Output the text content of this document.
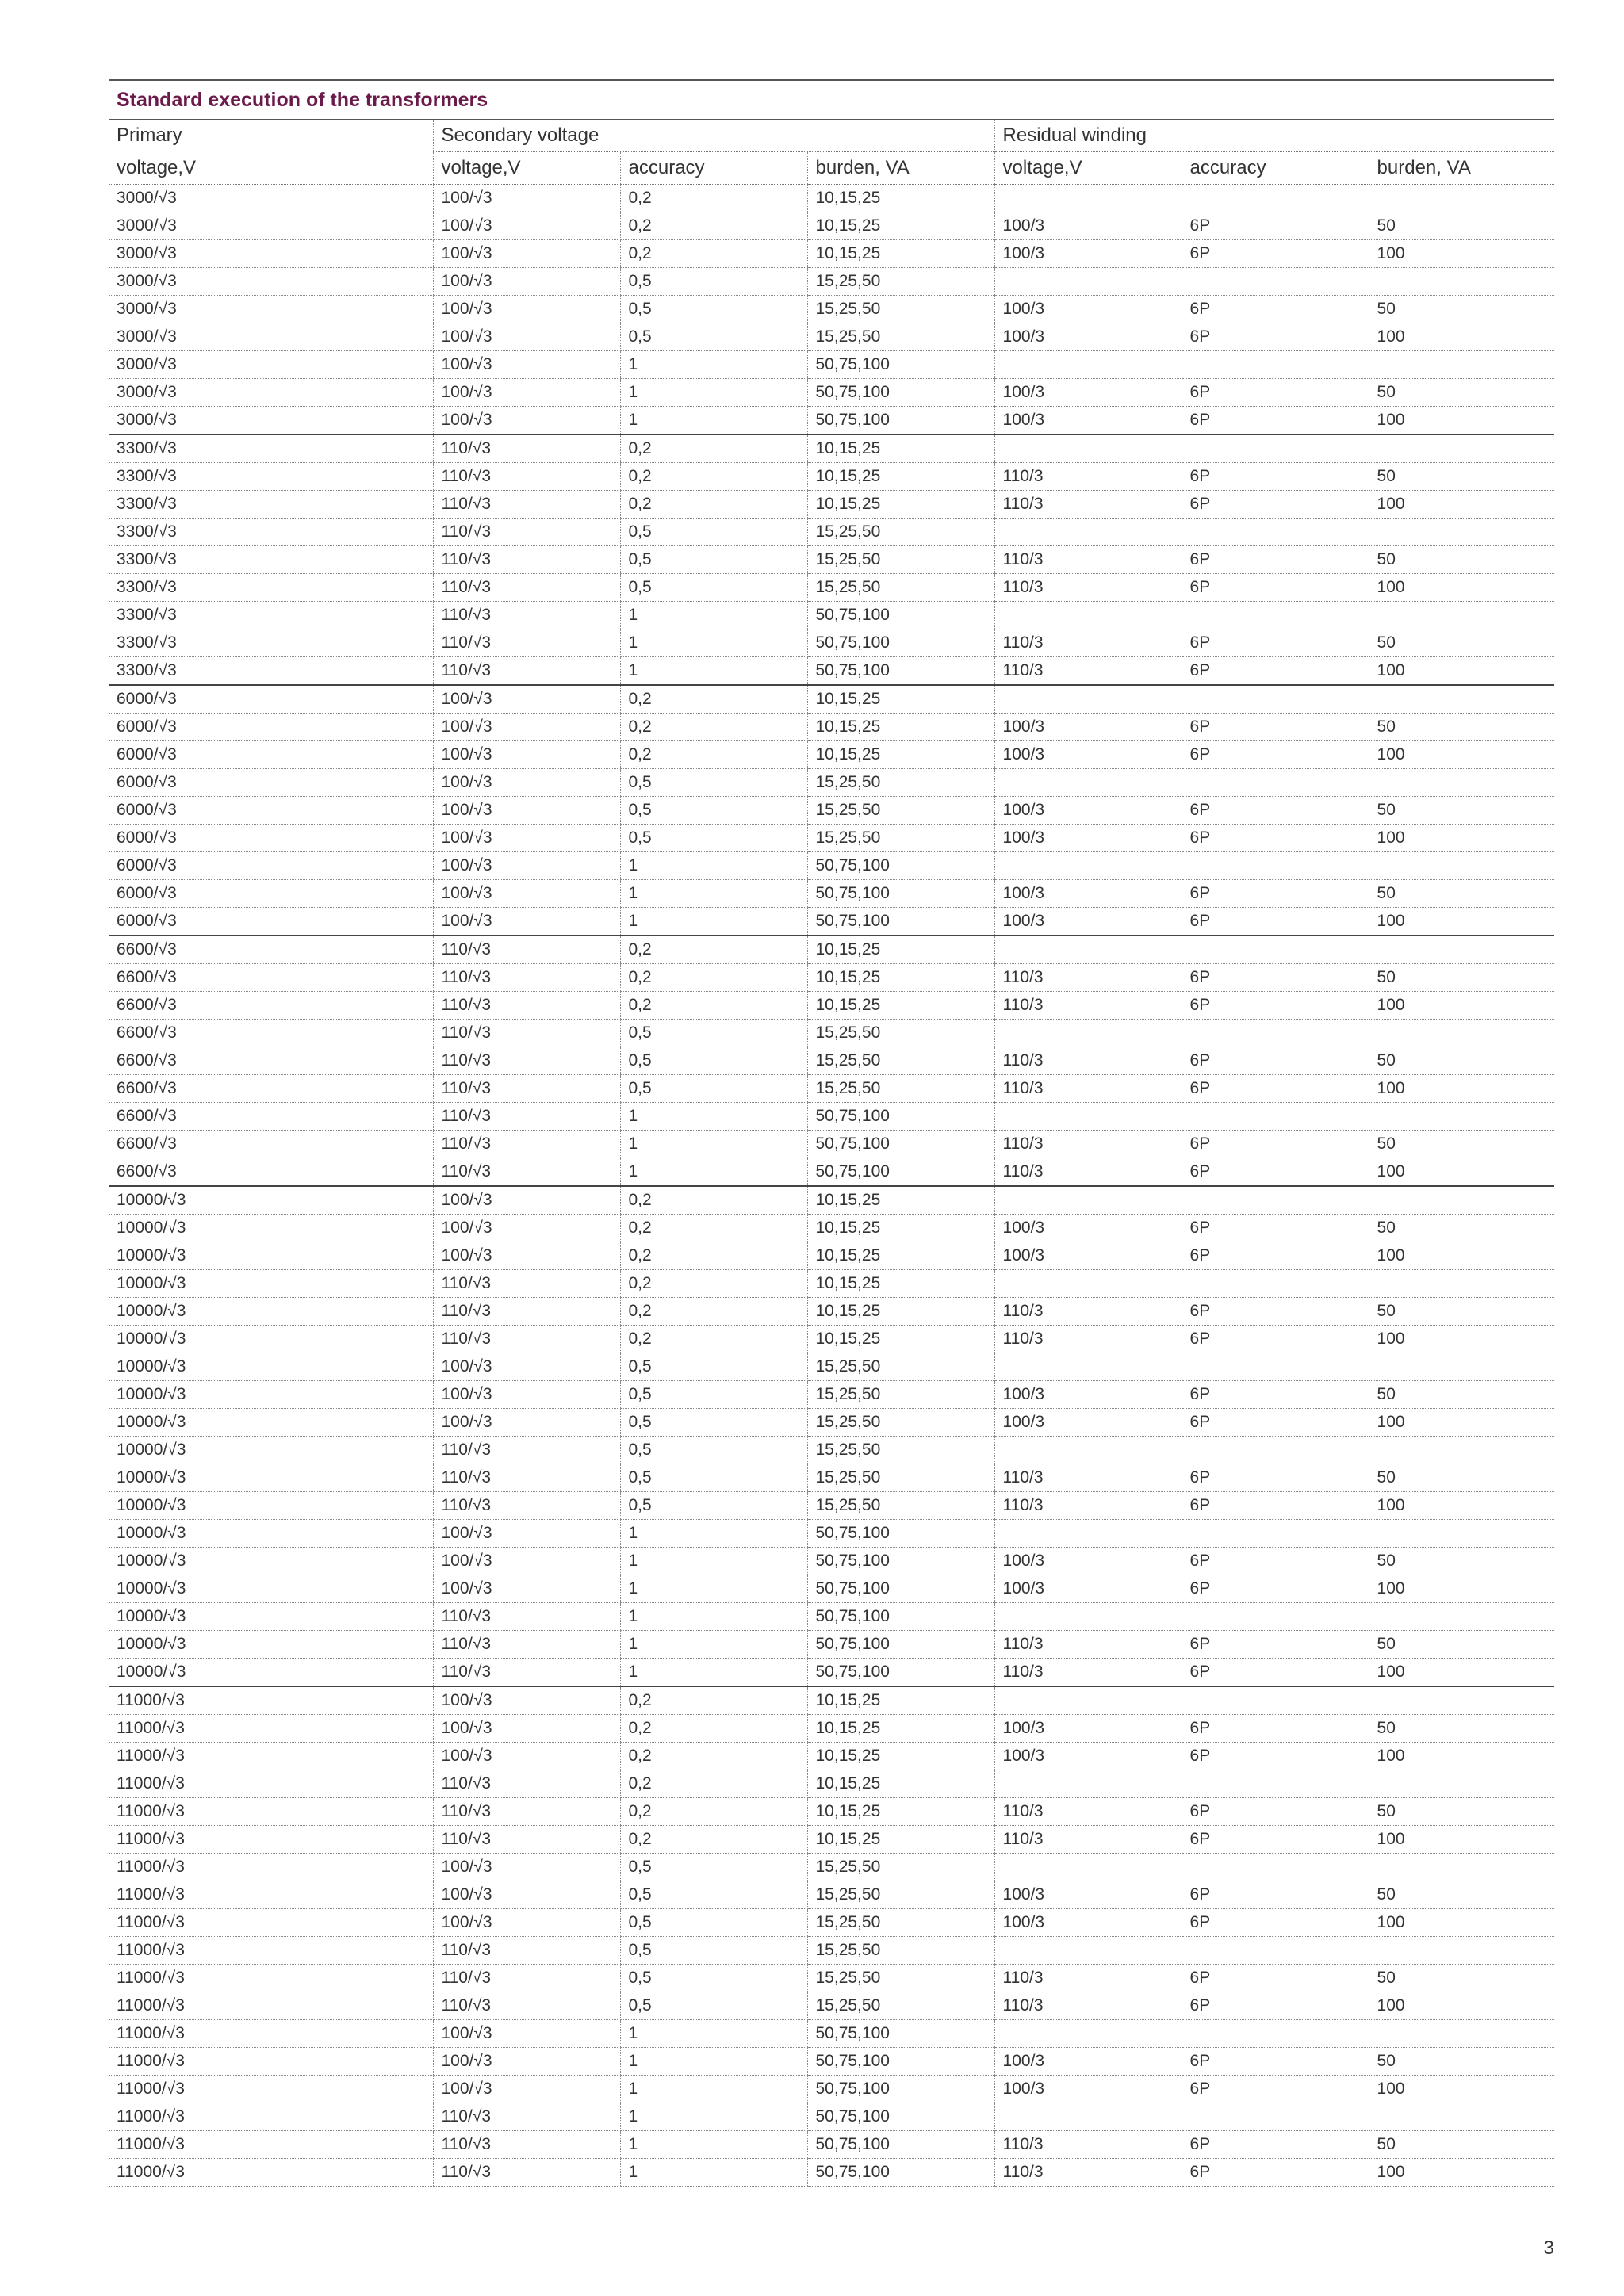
Standard execution of the transformers
Primary	Secondary voltage			Residual winding		
voltage,V	voltage,V	accuracy	burden, VA	voltage,V	accuracy	burden, VA
3000/√3	100/√3	0,2	10,15,25			
3000/√3	100/√3	0,2	10,15,25	100/3	6P	50
3000/√3	100/√3	0,2	10,15,25	100/3	6P	100
3000/√3	100/√3	0,5	15,25,50			
3000/√3	100/√3	0,5	15,25,50	100/3	6P	50
3000/√3	100/√3	0,5	15,25,50	100/3	6P	100
3000/√3	100/√3	1	50,75,100			
3000/√3	100/√3	1	50,75,100	100/3	6P	50
3000/√3	100/√3	1	50,75,100	100/3	6P	100
3300/√3	110/√3	0,2	10,15,25			
3300/√3	110/√3	0,2	10,15,25	110/3	6P	50
3300/√3	110/√3	0,2	10,15,25	110/3	6P	100
3300/√3	110/√3	0,5	15,25,50			
3300/√3	110/√3	0,5	15,25,50	110/3	6P	50
3300/√3	110/√3	0,5	15,25,50	110/3	6P	100
3300/√3	110/√3	1	50,75,100			
3300/√3	110/√3	1	50,75,100	110/3	6P	50
3300/√3	110/√3	1	50,75,100	110/3	6P	100
6000/√3	100/√3	0,2	10,15,25			
6000/√3	100/√3	0,2	10,15,25	100/3	6P	50
6000/√3	100/√3	0,2	10,15,25	100/3	6P	100
6000/√3	100/√3	0,5	15,25,50			
6000/√3	100/√3	0,5	15,25,50	100/3	6P	50
6000/√3	100/√3	0,5	15,25,50	100/3	6P	100
6000/√3	100/√3	1	50,75,100			
6000/√3	100/√3	1	50,75,100	100/3	6P	50
6000/√3	100/√3	1	50,75,100	100/3	6P	100
6600/√3	110/√3	0,2	10,15,25			
6600/√3	110/√3	0,2	10,15,25	110/3	6P	50
6600/√3	110/√3	0,2	10,15,25	110/3	6P	100
6600/√3	110/√3	0,5	15,25,50			
6600/√3	110/√3	0,5	15,25,50	110/3	6P	50
6600/√3	110/√3	0,5	15,25,50	110/3	6P	100
6600/√3	110/√3	1	50,75,100			
6600/√3	110/√3	1	50,75,100	110/3	6P	50
6600/√3	110/√3	1	50,75,100	110/3	6P	100
10000/√3	100/√3	0,2	10,15,25			
10000/√3	100/√3	0,2	10,15,25	100/3	6P	50
10000/√3	100/√3	0,2	10,15,25	100/3	6P	100
10000/√3	110/√3	0,2	10,15,25			
10000/√3	110/√3	0,2	10,15,25	110/3	6P	50
10000/√3	110/√3	0,2	10,15,25	110/3	6P	100
10000/√3	100/√3	0,5	15,25,50			
10000/√3	100/√3	0,5	15,25,50	100/3	6P	50
10000/√3	100/√3	0,5	15,25,50	100/3	6P	100
10000/√3	110/√3	0,5	15,25,50			
10000/√3	110/√3	0,5	15,25,50	110/3	6P	50
10000/√3	110/√3	0,5	15,25,50	110/3	6P	100
10000/√3	100/√3	1	50,75,100			
10000/√3	100/√3	1	50,75,100	100/3	6P	50
10000/√3	100/√3	1	50,75,100	100/3	6P	100
10000/√3	110/√3	1	50,75,100			
10000/√3	110/√3	1	50,75,100	110/3	6P	50
10000/√3	110/√3	1	50,75,100	110/3	6P	100
11000/√3	100/√3	0,2	10,15,25			
11000/√3	100/√3	0,2	10,15,25	100/3	6P	50
11000/√3	100/√3	0,2	10,15,25	100/3	6P	100
11000/√3	110/√3	0,2	10,15,25			
11000/√3	110/√3	0,2	10,15,25	110/3	6P	50
11000/√3	110/√3	0,2	10,15,25	110/3	6P	100
11000/√3	100/√3	0,5	15,25,50			
11000/√3	100/√3	0,5	15,25,50	100/3	6P	50
11000/√3	100/√3	0,5	15,25,50	100/3	6P	100
11000/√3	110/√3	0,5	15,25,50			
11000/√3	110/√3	0,5	15,25,50	110/3	6P	50
11000/√3	110/√3	0,5	15,25,50	110/3	6P	100
11000/√3	100/√3	1	50,75,100			
11000/√3	100/√3	1	50,75,100	100/3	6P	50
11000/√3	100/√3	1	50,75,100	100/3	6P	100
11000/√3	110/√3	1	50,75,100			
11000/√3	110/√3	1	50,75,100	110/3	6P	50
11000/√3	110/√3	1	50,75,100	110/3	6P	100
3
